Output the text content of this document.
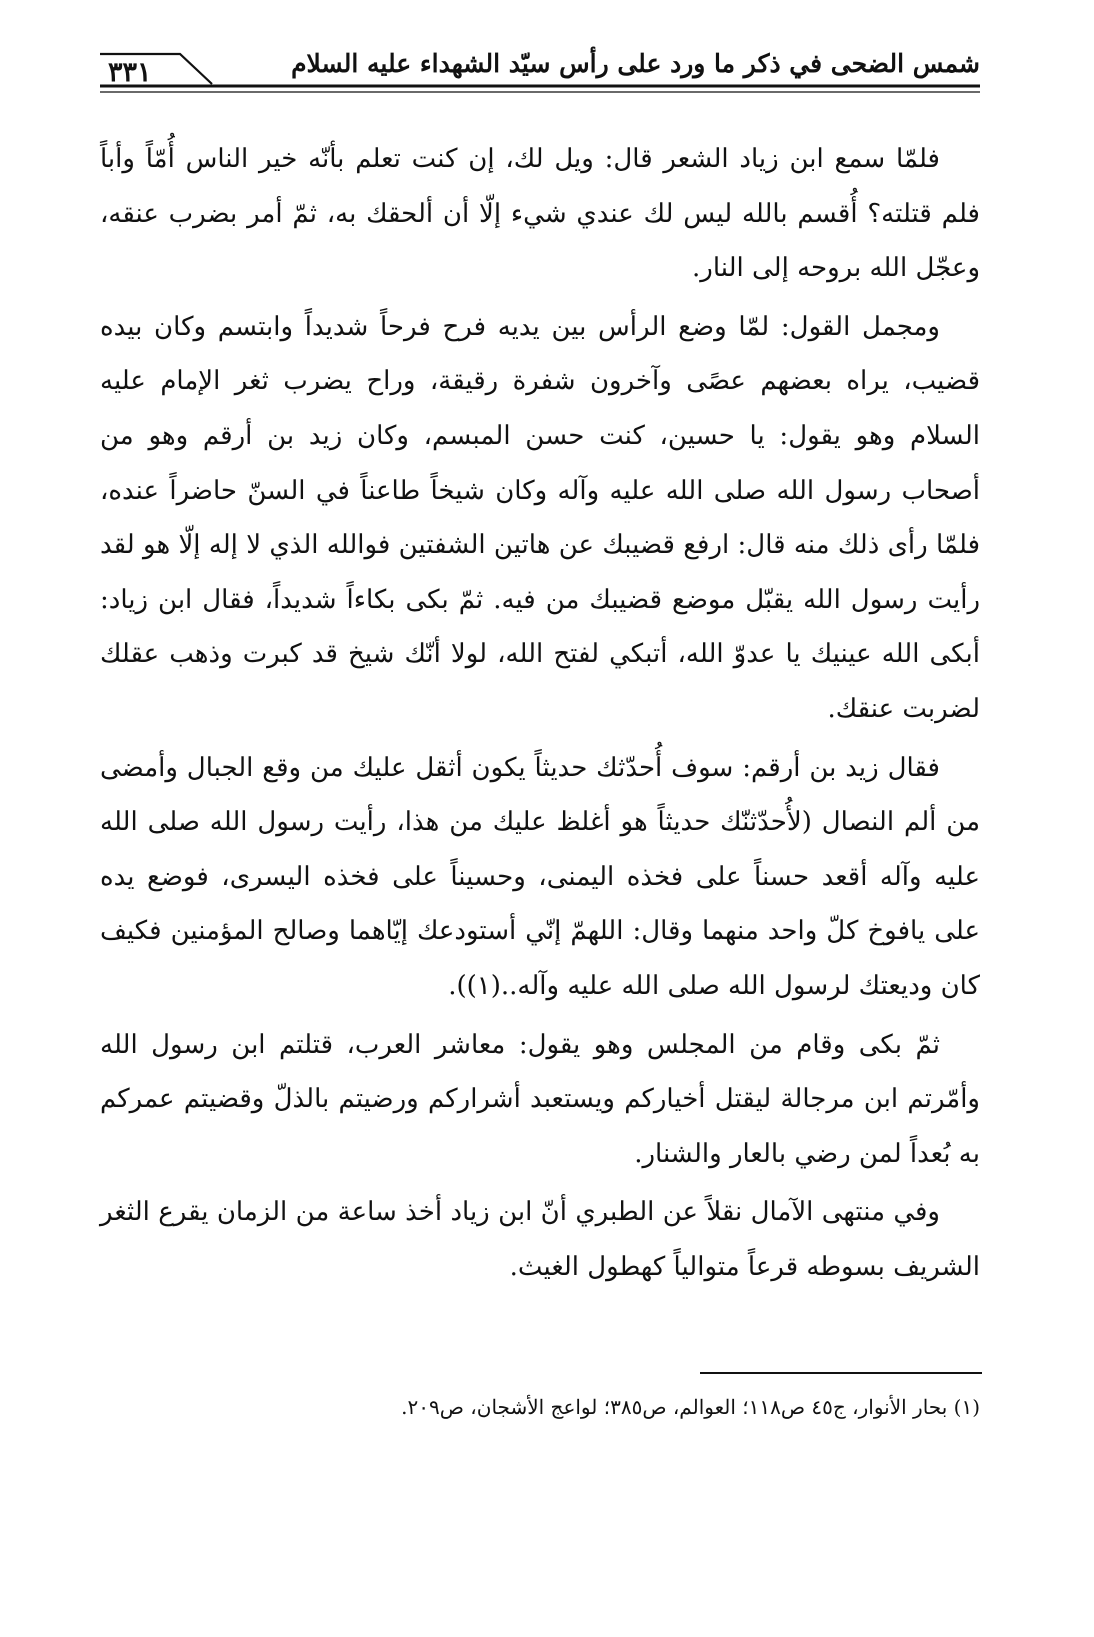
شمس الضحى في ذكر ما ورد على رأس سيّد الشهداء عليه السلام
٣٣١

فلمّا سمع ابن زياد الشعر قال: ويل لك، إن كنت تعلم بأنّه خير الناس أُمّاً وأباً فلم قتلته؟ أُقسم بالله ليس لك عندي شيء إلّا أن ألحقك به، ثمّ أمر بضرب عنقه، وعجّل الله بروحه إلى النار.

ومجمل القول: لمّا وضع الرأس بين يديه فرح فرحاً شديداً وابتسم وكان بيده قضيب، يراه بعضهم عصًى وآخرون شفرة رقيقة، وراح يضرب ثغر الإمام عليه السلام وهو يقول: يا حسين، كنت حسن المبسم، وكان زيد بن أرقم وهو من أصحاب رسول الله صلى الله عليه وآله وكان شيخاً طاعناً في السنّ حاضراً عنده، فلمّا رأى ذلك منه قال: ارفع قضيبك عن هاتين الشفتين فوالله الذي لا إله إلّا هو لقد رأيت رسول الله يقبّل موضع قضيبك من فيه. ثمّ بكى بكاءاً شديداً، فقال ابن زياد: أبكى الله عينيك يا عدوّ الله، أتبكي لفتح الله، لولا أنّك شيخ قد كبرت وذهب عقلك لضربت عنقك.

فقال زيد بن أرقم: سوف أُحدّثك حديثاً يكون أثقل عليك من وقع الجبال وأمضى من ألم النصال (لأُحدّثنّك حديثاً هو أغلظ عليك من هذا، رأيت رسول الله صلى الله عليه وآله أقعد حسناً على فخذه اليمنى، وحسيناً على فخذه اليسرى، فوضع يده على يافوخ كلّ واحد منهما وقال: اللهمّ إنّي أستودعك إيّاهما وصالح المؤمنين فكيف كان وديعتك لرسول الله صلى الله عليه وآله..(١)).

ثمّ بكى وقام من المجلس وهو يقول: معاشر العرب، قتلتم ابن رسول الله وأمّرتم ابن مرجالة ليقتل أخياركم ويستعبد أشراركم ورضيتم بالذلّ وقضيتم عمركم به بُعداً لمن رضي بالعار والشنار.

وفي منتهى الآمال نقلاً عن الطبري أنّ ابن زياد أخذ ساعة من الزمان يقرع الثغر الشريف بسوطه قرعاً متوالياً كهطول الغيث.

(١) بحار الأنوار، ج٤٥ ص١١٨؛ العوالم، ص٣٨٥؛ لواعج الأشجان، ص٢٠٩.
